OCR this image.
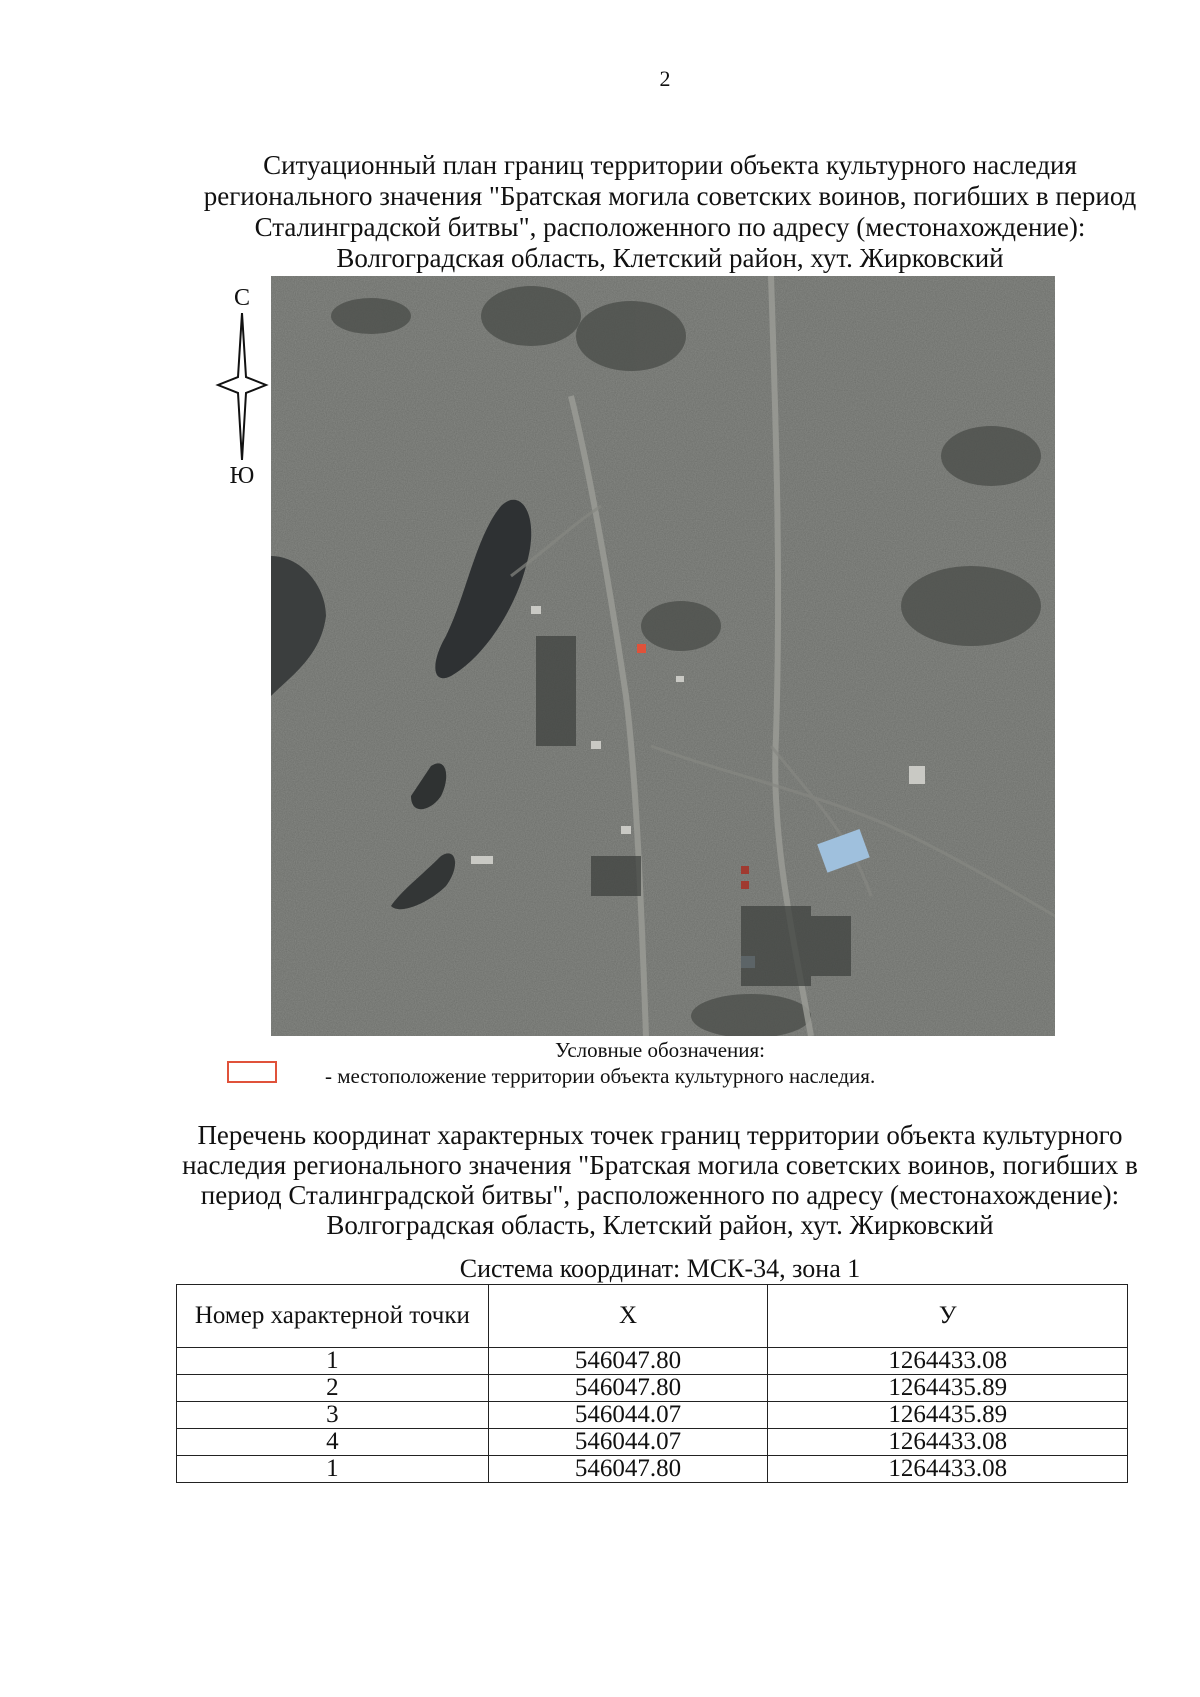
2
Ситуационный план границ территории объекта культурного наследия регионального значения "Братская могила советских воинов, погибших в период Сталинградской битвы", расположенного по адресу (местонахождение): Волгоградская область, Клетский район, хут. Жирковский
С
Ю
Условные обозначения:
- местоположение территории объекта культурного наследия.
Перечень координат характерных точек границ территории объекта культурного наследия регионального значения "Братская могила советских воинов, погибших в период Сталинградской битвы", расположенного по адресу (местонахождение): Волгоградская область, Клетский район, хут. Жирковский
Система координат: МСК-34, зона 1
Номер характерной точки	Х	У
1	546047.80	1264433.08
2	546047.80	1264435.89
3	546044.07	1264435.89
4	546044.07	1264433.08
1	546047.80	1264433.08
